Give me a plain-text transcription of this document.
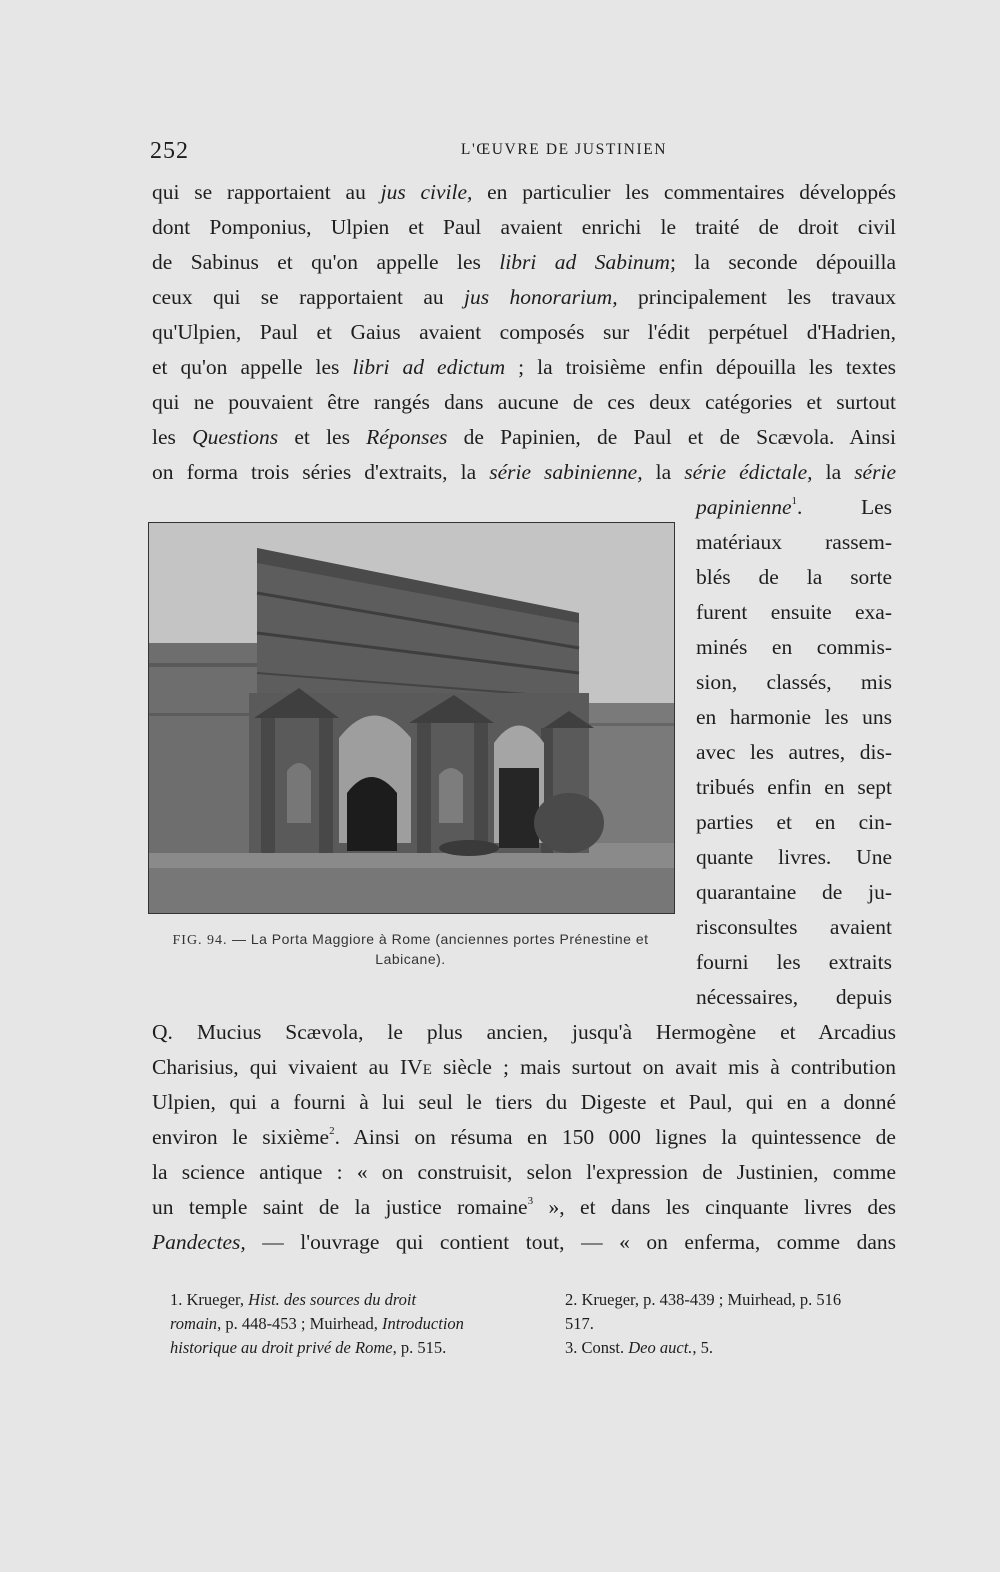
252	L'ŒUVRE DE JUSTINIEN
qui se rapportaient au jus civile, en particulier les commentaires développés
dont Pomponius, Ulpien et Paul avaient enrichi le traité de droit civil
de Sabinus et qu'on appelle les libri ad Sabinum; la seconde dépouilla
ceux qui se rapportaient au jus honorarium, principalement les travaux
qu'Ulpien, Paul et Gaius avaient composés sur l'édit perpétuel d'Hadrien,
et qu'on appelle les libri ad edictum ; la troisième enfin dépouilla les textes
qui ne pouvaient être rangés dans aucune de ces deux catégories et surtout
les Questions et les Réponses de Papinien, de Paul et de Scævola. Ainsi
on forma trois séries d'extraits, la série sabinienne, la série édictale, la série
papinienne$^1$. Les
matériaux rassem-
blés de la sorte
furent ensuite exa-
minés en commis-
sion, classés, mis
en harmonie les uns
avec les autres, dis-
tribués enfin en sept
parties et en cin-
quante livres. Une
quarantaine de ju-
risconsultes avaient
fourni les extraits
nécessaires, depuis
FIG. 94. — La Porta Maggiore à Rome (anciennes portes Prénestine et
Labicane).
Q. Mucius Scævola, le plus ancien, jusqu'à Hermogène et Arcadius
Charisius, qui vivaient au IVe siècle ; mais surtout on avait mis à contribution
Ulpien, qui a fourni à lui seul le tiers du Digeste et Paul, qui en a donné
environ le sixième$^2$. Ainsi on résuma en 150 000 lignes la quintessence de
la science antique : « on construisit, selon l'expression de Justinien, comme
un temple saint de la justice romaine$^3$ », et dans les cinquante livres des
Pandectes, — l'ouvrage qui contient tout, — « on enferma, comme dans
1. Krueger, Hist. des sources du droit
romain, p. 448-453 ; Muirhead, Introduction
historique au droit privé de Rome, p. 515.
2. Krueger, p. 438-439 ; Muirhead, p. 516
517.
3. Const. Deo auct., 5.
